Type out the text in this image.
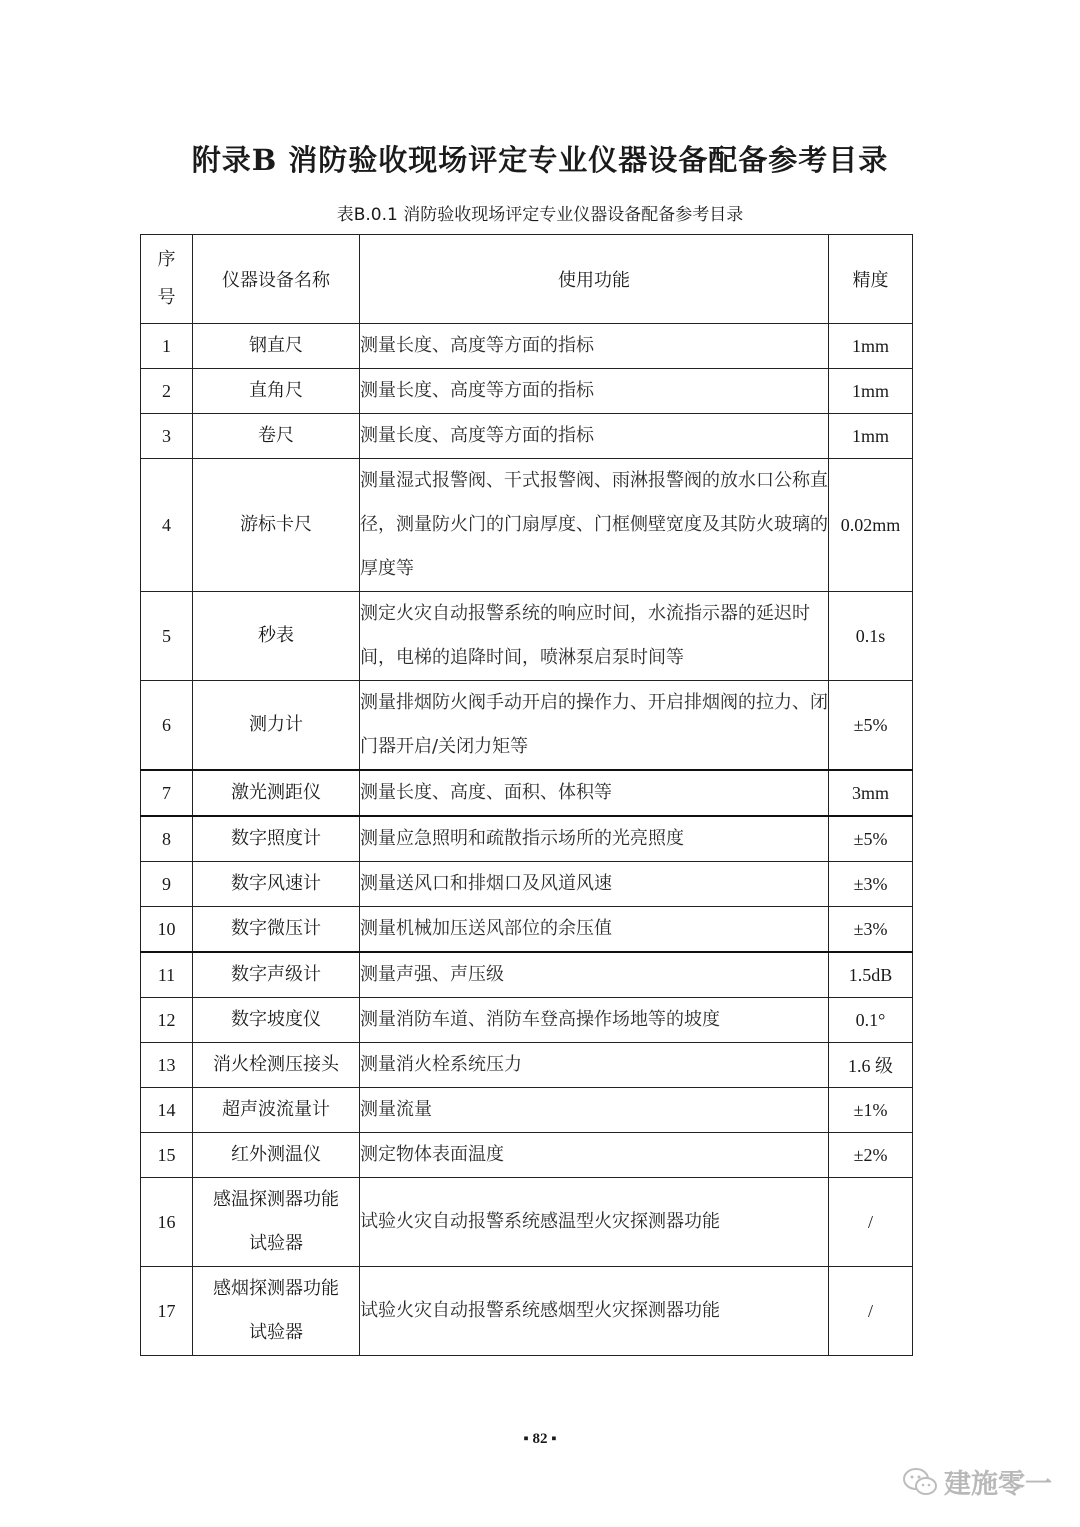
附录B 消防验收现场评定专业仪器设备配备参考目录
表B.0.1 消防验收现场评定专业仪器设备配备参考目录
序
号	仪器设备名称	使用功能	精度
1	钢直尺	测量长度、高度等方面的指标	1mm
2	直角尺	测量长度、高度等方面的指标	1mm
3	卷尺	测量长度、高度等方面的指标	1mm
4	游标卡尺	测量湿式报警阀、干式报警阀、雨淋报警阀的放水口公称直径，测量防火门的门扇厚度、门框侧壁宽度及其防火玻璃的厚度等	0.02mm
5	秒表	测定火灾自动报警系统的响应时间，水流指示器的延迟时间，电梯的追降时间，喷淋泵启泵时间等	0.1s
6	测力计	测量排烟防火阀手动开启的操作力、开启排烟阀的拉力、闭门器开启/关闭力矩等	±5%
7	激光测距仪	测量长度、高度、面积、体积等	3mm
8	数字照度计	测量应急照明和疏散指示场所的光亮照度	±5%
9	数字风速计	测量送风口和排烟口及风道风速	±3%
10	数字微压计	测量机械加压送风部位的余压值	±3%
11	数字声级计	测量声强、声压级	1.5dB
12	数字坡度仪	测量消防车道、消防车登高操作场地等的坡度	0.1°
13	消火栓测压接头	测量消火栓系统压力	1.6 级
14	超声波流量计	测量流量	±1%
15	红外测温仪	测定物体表面温度	±2%
16	感温探测器功能试验器	试验火灾自动报警系统感温型火灾探测器功能	/
17	感烟探测器功能试验器	试验火灾自动报警系统感烟型火灾探测器功能	/
▪ 82 ▪
建施零一
